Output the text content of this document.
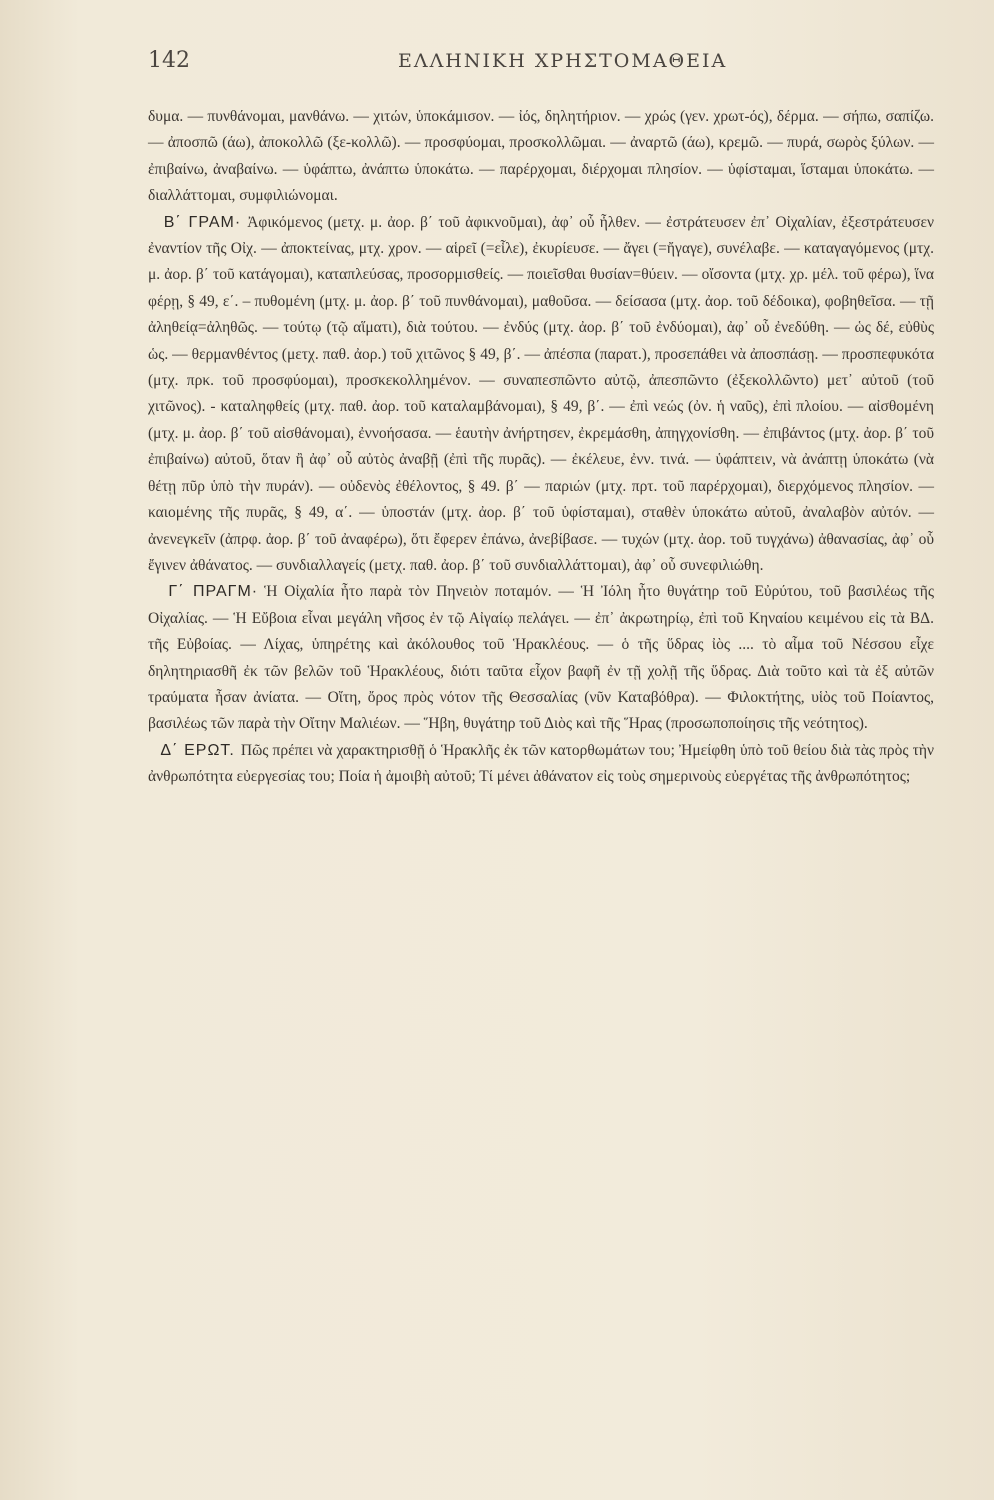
142	ΕΛΛΗΝΙΚΗ ΧΡΗΣΤΟΜΑΘΕΙΑ

δυμα. — πυνθάνομαι, μανθάνω. — χιτών, ὑποκάμισον. — ἰός, δηλητήριον. — χρώς (γεν. χρωτ-ός), δέρμα. — σήπω, σαπίζω. — ἀποσπῶ (άω), ἀποκολλῶ (ξε-κολλῶ). — προσφύομαι, προσκολλῶμαι. — ἀναρτῶ (άω), κρεμῶ. — πυρά, σωρὸς ξύλων. — ἐπιβαίνω, ἀναβαίνω. — ὑφάπτω, ἀνάπτω ὑποκάτω. — παρέρχομαι, διέρχομαι πλησίον. — ὑφίσταμαι, ἵσταμαι ὑποκάτω. — διαλλάττομαι, συμφιλιώνομαι.

Β΄ ΓΡΑΜ· Ἀφικόμενος (μετχ. μ. ἀορ. β΄ τοῦ ἀφικνοῦμαι), ἀφ᾽ οὗ ἦλθεν. — ἐστράτευσεν ἐπ᾽ Οἰχαλίαν, ἐξεστράτευσεν ἐναντίον τῆς Οἰχ. — ἀποκτείνας, μτχ. χρον. — αἱρεῖ (=εἷλε), ἐκυρίευσε. — ἄγει (=ἤγαγε), συνέλαβε. — καταγαγόμενος (μτχ. μ. ἀορ. β΄ τοῦ κατάγομαι), καταπλεύσας, προσορμισθείς. — ποιεῖσθαι θυσίαν=θύειν. — οἴσοντα (μτχ. χρ. μέλ. τοῦ φέρω), ἵνα φέρῃ, § 49, ε΄. – πυθομένη (μτχ. μ. ἀορ. β΄ τοῦ πυνθάνομαι), μαθοῦσα. — δείσασα (μτχ. ἀορ. τοῦ δέδοικα), φοβηθεῖσα. — τῇ ἀληθείᾳ=ἀληθῶς. — τούτῳ (τῷ αἵματι), διὰ τούτου. — ἐνδύς (μτχ. ἀορ. β΄ τοῦ ἐνδύομαι), ἀφ᾽ οὗ ἐνεδύθη. — ὡς δέ, εὐθὺς ὡς. — θερμανθέντος (μετχ. παθ. ἀορ.) τοῦ χιτῶνος § 49, β΄. — ἀπέσπα (παρατ.), προσεπάθει νὰ ἀποσπάσῃ. — προσπεφυκότα (μτχ. πρκ. τοῦ προσφύομαι), προσκεκολλημένον. — συναπεσπῶντο αὐτῷ, ἀπεσπῶντο (ἐξεκολλῶντο) μετ᾽ αὐτοῦ (τοῦ χιτῶνος). - καταληφθείς (μτχ. παθ. ἀορ. τοῦ καταλαμβάνομαι), § 49, β΄. — ἐπὶ νεώς (ὀν. ἡ ναῦς), ἐπὶ πλοίου. — αἰσθομένη (μτχ. μ. ἀορ. β΄ τοῦ αἰσθάνομαι), ἐννοήσασα. — ἑαυτὴν ἀνήρτησεν, ἐκρεμάσθη, ἀπηγχονίσθη. — ἐπιβάντος (μτχ. ἀορ. β΄ τοῦ ἐπιβαίνω) αὐτοῦ, ὅταν ἢ ἀφ᾽ οὗ αὐτὸς ἀναβῇ (ἐπὶ τῆς πυρᾶς). — ἐκέλευε, ἐνν. τινά. — ὑφάπτειν, νὰ ἀνάπτῃ ὑποκάτω (νὰ θέτῃ πῦρ ὑπὸ τὴν πυράν). — οὐδενὸς ἐθέλοντος, § 49. β΄ — παριών (μτχ. πρτ. τοῦ παρέρχομαι), διερχόμενος πλησίον. — καιομένης τῆς πυρᾶς, § 49, α΄. — ὑποστάν (μτχ. ἀορ. β΄ τοῦ ὑφίσταμαι), σταθὲν ὑποκάτω αὐτοῦ, ἀναλαβὸν αὐτόν. — ἀνενεγκεῖν (ἀπρφ. ἀορ. β΄ τοῦ ἀναφέρω), ὅτι ἔφερεν ἐπάνω, ἀνεβίβασε. — τυχών (μτχ. ἀορ. τοῦ τυγχάνω) ἀθανασίας, ἀφ᾽ οὗ ἔγινεν ἀθάνατος. — συνδιαλλαγείς (μετχ. παθ. ἀορ. β΄ τοῦ συνδιαλλάττομαι), ἀφ᾽ οὗ συνεφιλιώθη.

Γ΄ ΠΡΑΓΜ· Ἡ Οἰχαλία ἦτο παρὰ τὸν Πηνειὸν ποταμόν. — Ἡ Ἰόλη ἦτο θυγάτηρ τοῦ Εὐρύτου, τοῦ βασιλέως τῆς Οἰχαλίας. — Ἡ Εὔβοια εἶναι μεγάλη νῆσος ἐν τῷ Αἰγαίῳ πελάγει. — ἐπ᾽ ἀκρωτηρίῳ, ἐπὶ τοῦ Κηναίου κειμένου εἰς τὰ ΒΔ. τῆς Εὐβοίας. — Λίχας, ὑπηρέτης καὶ ἀκόλουθος τοῦ Ἡρακλέους. — ὁ τῆς ὕδρας ἰὸς .... τὸ αἷμα τοῦ Νέσσου εἶχε δηλητηριασθῆ ἐκ τῶν βελῶν τοῦ Ἡρακλέους, διότι ταῦτα εἶχον βαφῆ ἐν τῇ χολῇ τῆς ὕδρας. Διὰ τοῦτο καὶ τὰ ἐξ αὐτῶν τραύματα ἦσαν ἀνίατα. — Οἴτη, ὄρος πρὸς νότον τῆς Θεσσαλίας (νῦν Καταβόθρα). — Φιλοκτήτης, υἱὸς τοῦ Ποίαντος, βασιλέως τῶν παρὰ τὴν Οἴτην Μαλιέων. — Ἥβη, θυγάτηρ τοῦ Διὸς καὶ τῆς Ἥρας (προσωποποίησις τῆς νεότητος).

Δ΄ ΕΡΩΤ. Πῶς πρέπει νὰ χαρακτηρισθῇ ὁ Ἡρακλῆς ἐκ τῶν κατορθωμάτων του; Ἠμείφθη ὑπὸ τοῦ θείου διὰ τὰς πρὸς τὴν ἀνθρωπότητα εὐεργεσίας του; Ποία ἡ ἀμοιβὴ αὐτοῦ; Τί μένει ἀθάνατον εἰς τοὺς σημερινοὺς εὐεργέτας τῆς ἀνθρωπότητος;
